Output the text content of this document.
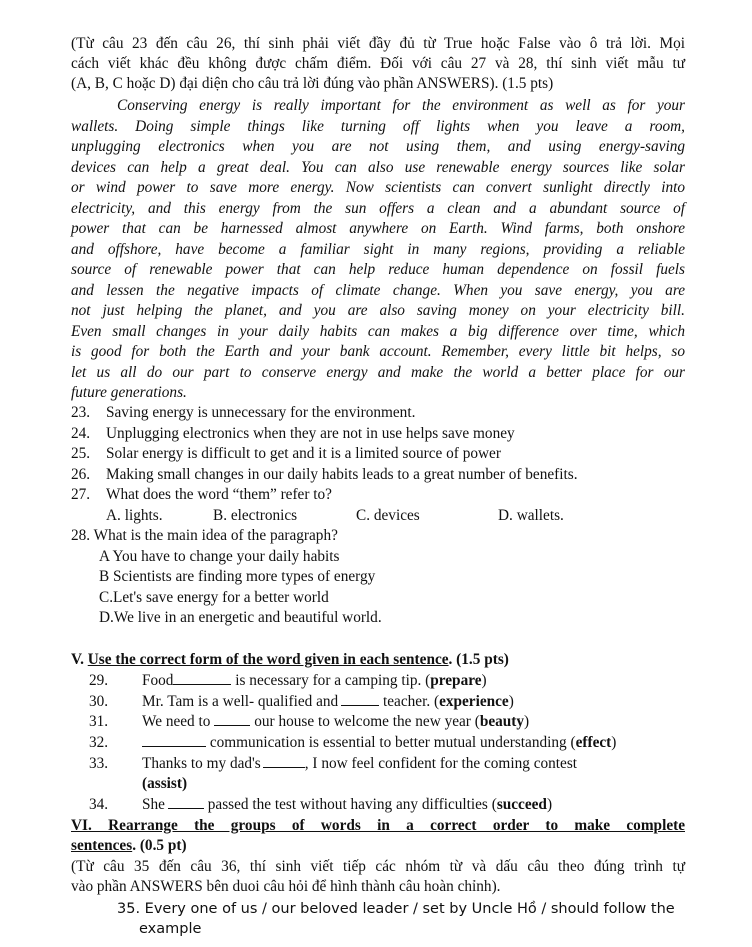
(Từ câu 23 đến câu 26, thí sinh phải viết đầy đủ từ True hoặc False vào ô trả lời. Mọi
cách viết khác đều không được chấm điểm. Đối với câu 27 và 28, thí sinh viết mẫu tư
(A, B, C hoặc D) đại diện cho câu trả lời đúng vào phần ANSWERS). (1.5 pts)
Conserving energy is really important for the environment as well as for your
wallets. Doing simple things like turning off lights when you leave a room,
unplugging electronics when you are not using them, and using energy-saving
devices can help a great deal. You can also use renewable energy sources like solar
or wind power to save more energy. Now scientists can convert sunlight directly into
electricity, and this energy from the sun offers a clean and a abundant source of
power that can be harnessed almost anywhere on Earth. Wind farms, both onshore
and offshore, have become a familiar sight in many regions, providing a reliable
source of renewable power that can help reduce human dependence on fossil fuels
and lessen the negative impacts of climate change. When you save energy, you are
not just helping the planet, and you are also saving money on your electricity bill.
Even small changes in your daily habits can makes a big difference over time, which
is good for both the Earth and your bank account. Remember, every little bit helps, so
let us all do our part to conserve energy and make the world a better place for our
future generations.
23. Saving energy is unnecessary for the environment.
24. Unplugging electronics when they are not in use helps save money
25. Solar energy is difficult to get and it is a limited source of power
26. Making small changes in our daily habits leads to a great number of benefits.
27. What does the word “them” refer to?
A. lights.	B. electronics	C. devices	D. wallets.
28. What is the main idea of the paragraph?
A You have to change your daily habits
B Scientists are finding more types of energy
C.Let's save energy for a better world
D.We live in an energetic and beautiful world.
V. Use the correct form of the word given in each sentence. (1.5 pts)
29. Food	is necessary for a camping tip. (prepare)
30. Mr. Tam is a well- qualified and	teacher. (experience)
31. We need to	our house to welcome the new year (beauty)
32.	communication is essential to better mutual understanding (effect)
33. Thanks to my dad's	, I now feel confident for the coming contest
(assist)
34. She	passed the test without having any difficulties (succeed)
VI. Rearrange the groups of words in a correct order to make complete
sentences. (0.5 pt)
(Từ câu 35 đến câu 36, thí sinh viết tiếp các nhóm từ và dấu câu theo đúng trình tự
vào phần ANSWERS bên duoi câu hỏi để hình thành câu hoàn chỉnh).
35. Every one of us / our beloved leader / set by Uncle Hồ / should follow the
example
